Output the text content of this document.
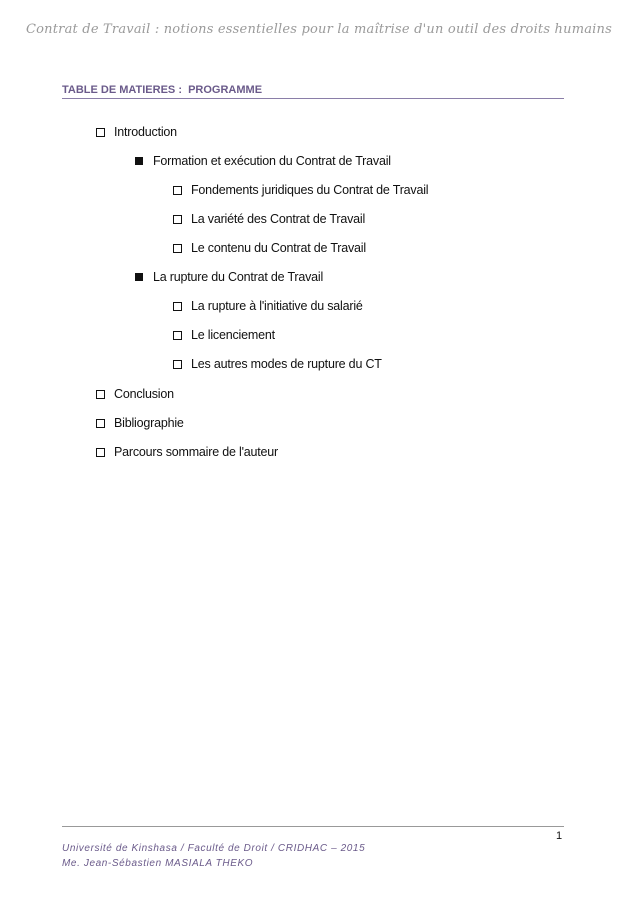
Contrat de Travail : notions essentielles pour la maîtrise d'un outil des droits humains
TABLE DE MATIERES :  PROGRAMME
Introduction
Formation et exécution du Contrat de Travail
Fondements juridiques du Contrat de Travail
La variété des Contrat de Travail
Le contenu du Contrat de Travail
La rupture du Contrat de Travail
La rupture à l'initiative du salarié
Le licenciement
Les autres modes de rupture du CT
Conclusion
Bibliographie
Parcours sommaire de l'auteur
1
Université de Kinshasa / Faculté de Droit / CRIDHAC – 2015
Me. Jean-Sébastien MASIALA THEKO
